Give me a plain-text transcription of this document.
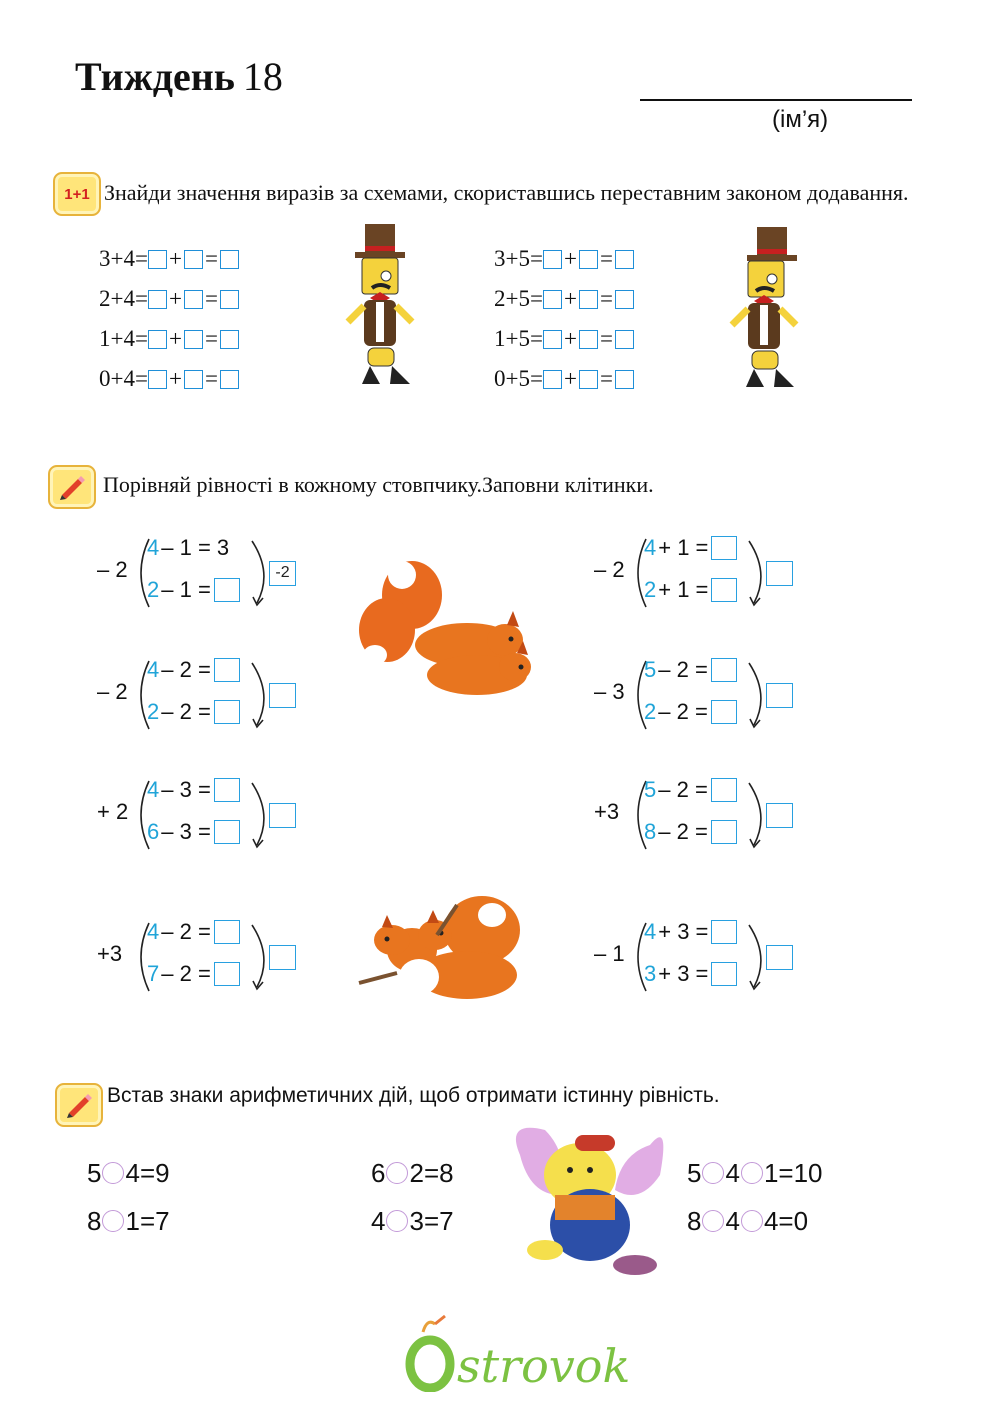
Тиждень 18
(ім’я)
1+1 Знайди значення виразів за схемами, скориставшись переставним законом додавання.
3+4= + =
2+4= + =
1+4= + =
0+4= + =
3+5= + =
2+5= + =
1+5= + =
0+5= + =
Порівняй рівності в кожному стовпчику.Заповни клітинки.
– 2
4 – 1 = 3
2 – 1 =
-2
– 2
4 – 2 =
2 – 2 =
+ 2
4 – 3 =
6 – 3 =
+3
4 – 2 =
7 – 2 =
– 2
4 + 1 =
2 + 1 =
– 3
5 – 2 =
2 – 2 =
+3
5 – 2 =
8 – 2 =
– 1
4 + 3 =
3 + 3 =
Встав знаки арифметичних дій, щоб отримати істинну рівність.
5 4 =9
8 1 =7
6 2 =8
4 3 =7
5 4 1 =10
8 4 4 =0
strovok
